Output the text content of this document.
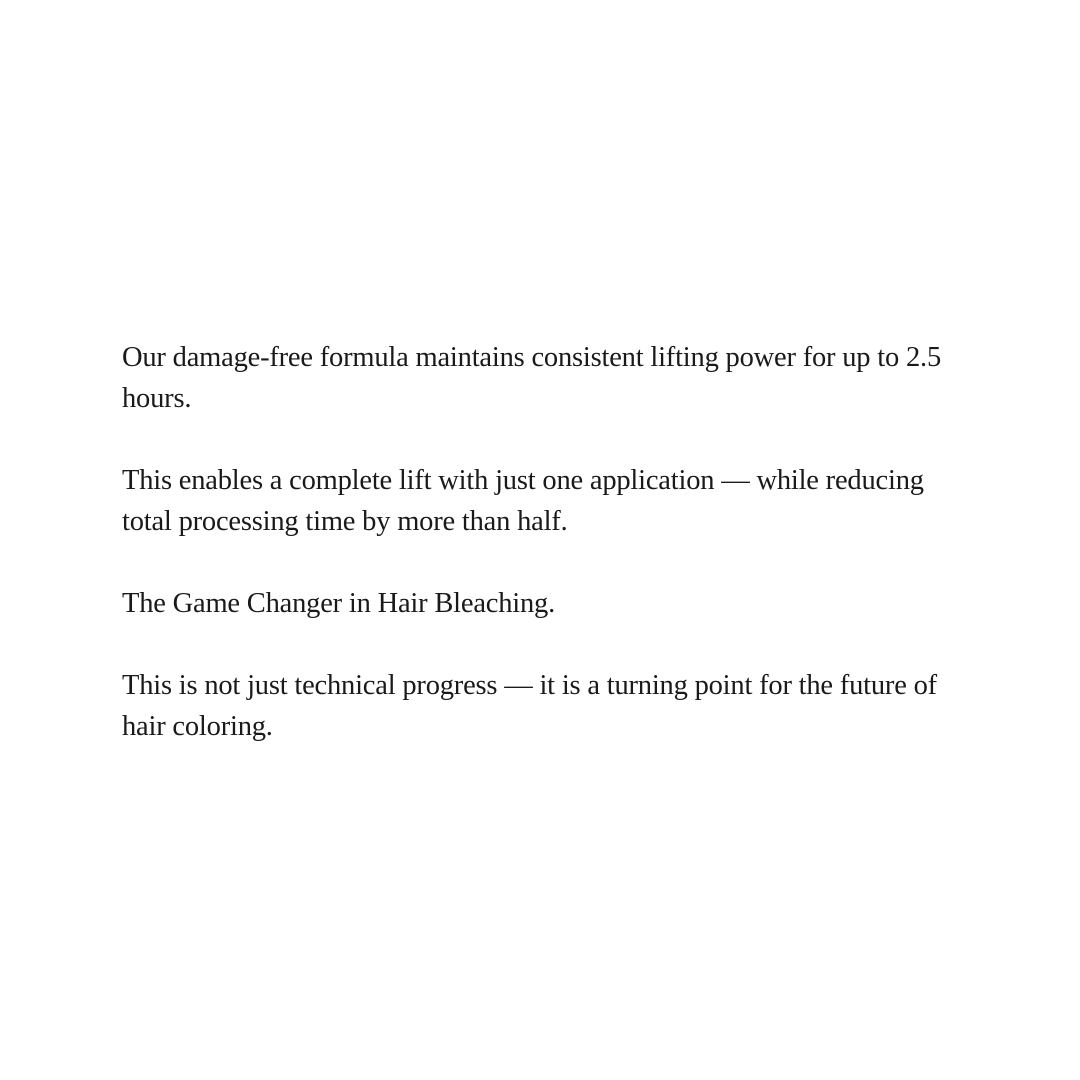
Our damage-free formula maintains consistent lifting power for up to 2.5 hours.

This enables a complete lift with just one application — while reducing total processing time by more than half.

The Game Changer in Hair Bleaching.

This is not just technical progress — it is a turning point for the future of hair coloring.
